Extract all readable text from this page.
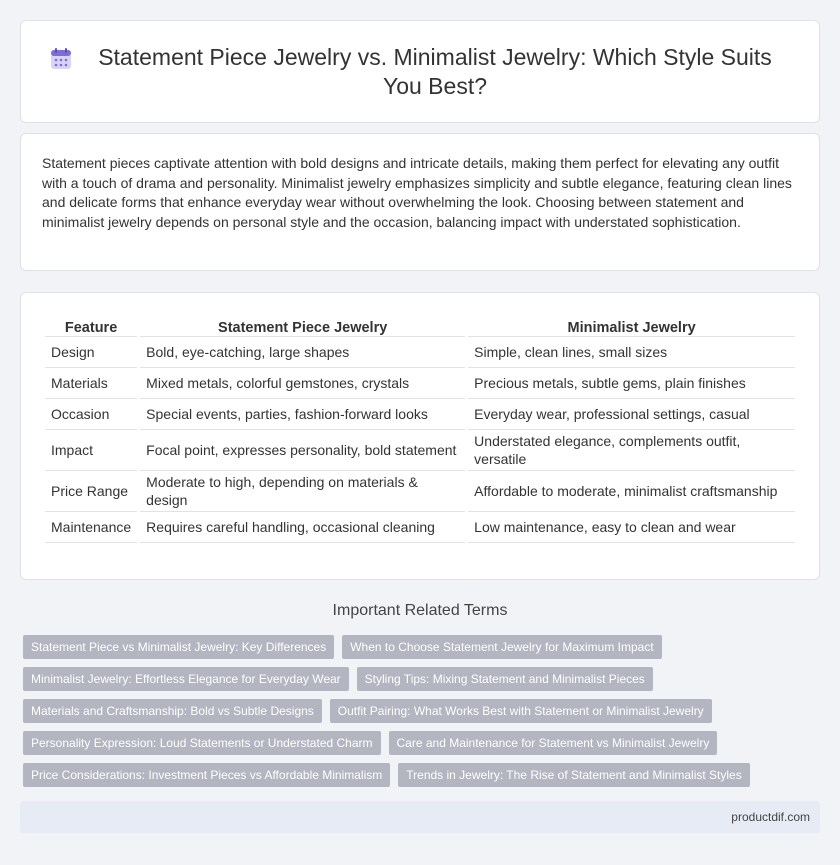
Statement Piece Jewelry vs. Minimalist Jewelry: Which Style Suits You Best?

Statement pieces captivate attention with bold designs and intricate details, making them perfect for elevating any outfit with a touch of drama and personality. Minimalist jewelry emphasizes simplicity and subtle elegance, featuring clean lines and delicate forms that enhance everyday wear without overwhelming the look. Choosing between statement and minimalist jewelry depends on personal style and the occasion, balancing impact with understated sophistication.

Feature	Statement Piece Jewelry	Minimalist Jewelry
Design	Bold, eye-catching, large shapes	Simple, clean lines, small sizes
Materials	Mixed metals, colorful gemstones, crystals	Precious metals, subtle gems, plain finishes
Occasion	Special events, parties, fashion-forward looks	Everyday wear, professional settings, casual
Impact	Focal point, expresses personality, bold statement	Understated elegance, complements outfit, versatile
Price Range	Moderate to high, depending on materials & design	Affordable to moderate, minimalist craftsmanship
Maintenance	Requires careful handling, occasional cleaning	Low maintenance, easy to clean and wear
Important Related Terms
Statement Piece vs Minimalist Jewelry: Key Differences	When to Choose Statement Jewelry for Maximum Impact
Minimalist Jewelry: Effortless Elegance for Everyday Wear	Styling Tips: Mixing Statement and Minimalist Pieces
Materials and Craftsmanship: Bold vs Subtle Designs	Outfit Pairing: What Works Best with Statement or Minimalist Jewelry
Personality Expression: Loud Statements or Understated Charm	Care and Maintenance for Statement vs Minimalist Jewelry
Price Considerations: Investment Pieces vs Affordable Minimalism	Trends in Jewelry: The Rise of Statement and Minimalist Styles
productdif.com
